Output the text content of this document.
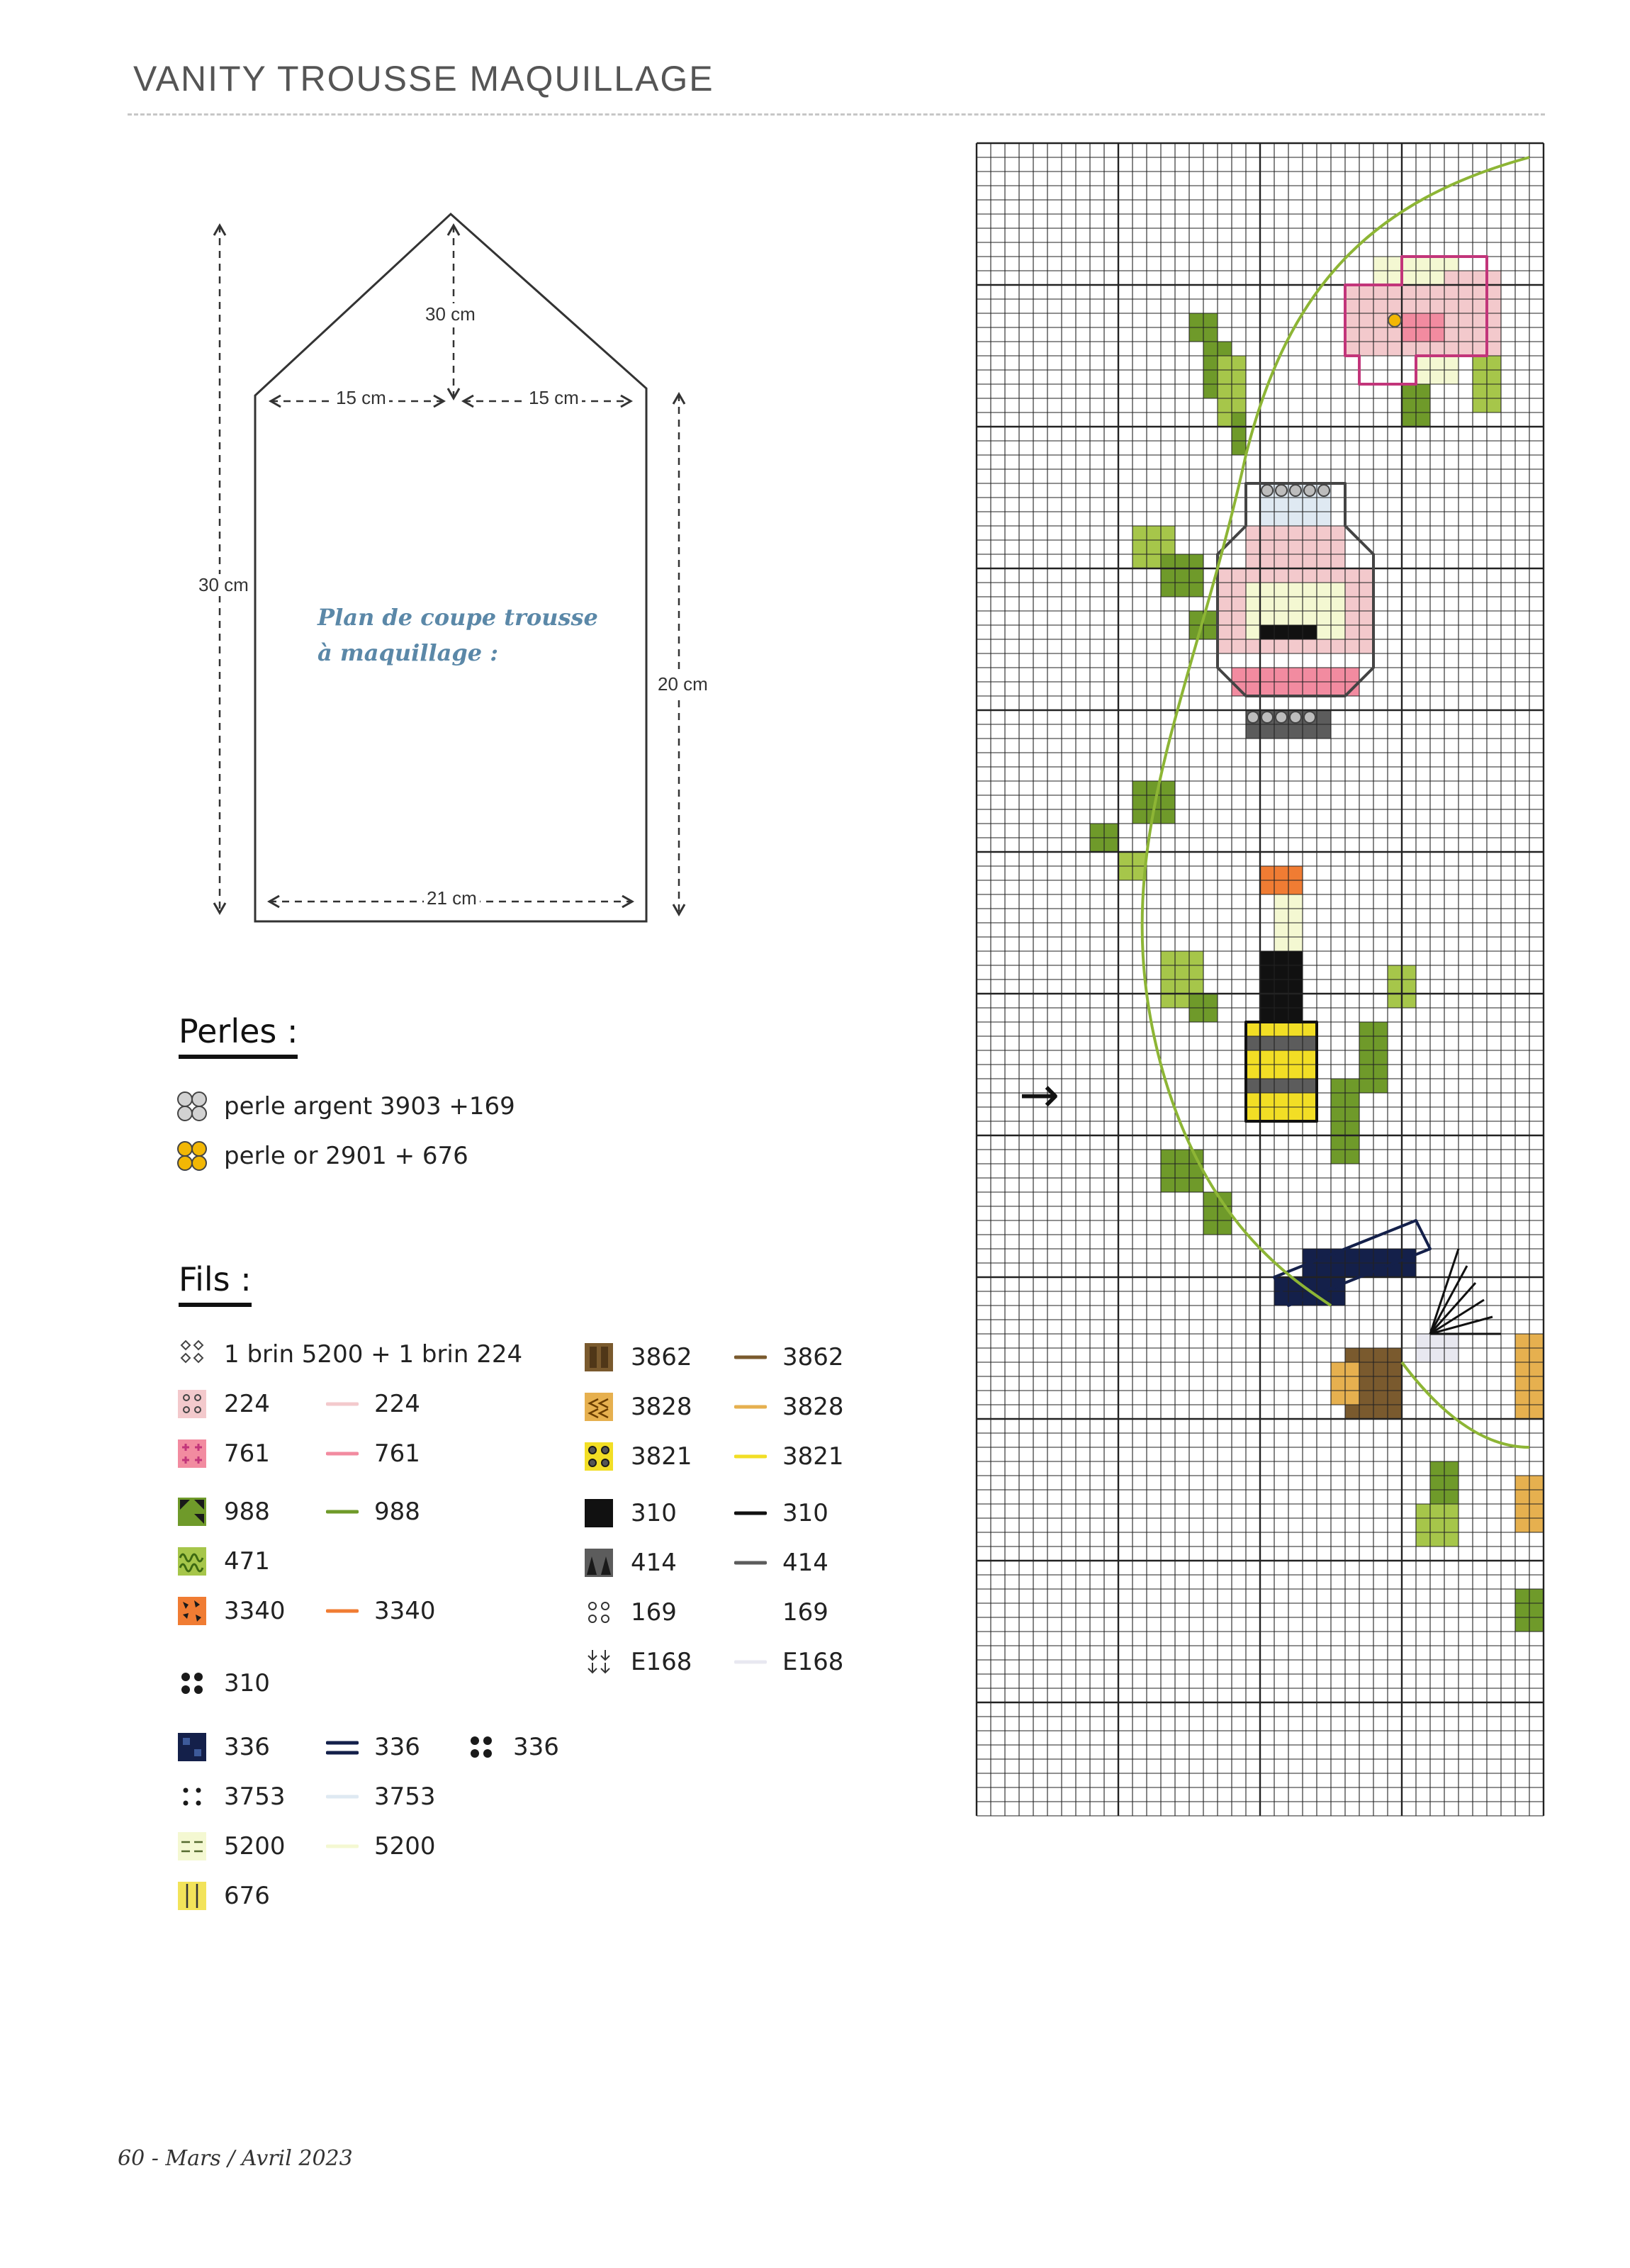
VANITY TROUSSE MAQUILLAGE
30 cm
15 cm	15 cm
30 cm
20 cm
21 cm
Plan de coupe trousse
à maquillage :
→
Perles :
perle argent 3903 +169
perle or 2901 + 676
Fils :
1 brin 5200 + 1 brin 224
224	224
761	761
988	988
471
3340	3340
310
336	336	336
3753	3753
5200	5200
676
3862	3862
3828	3828
3821	3821
310	310
414	414
169	169
E168	E168
60 - Mars / Avril 2023
